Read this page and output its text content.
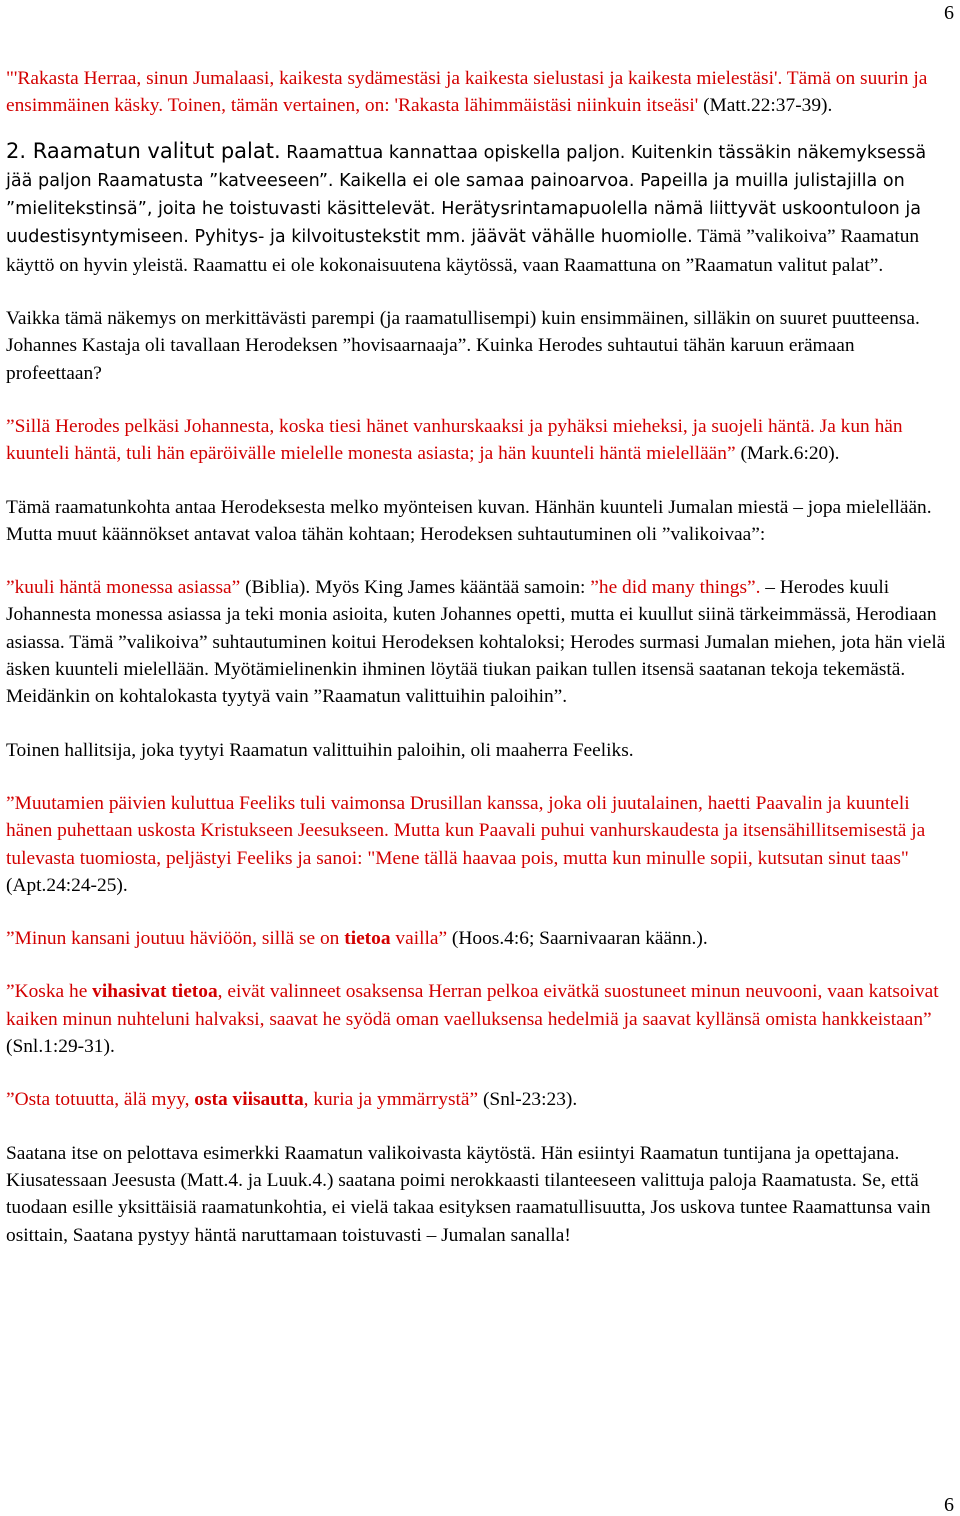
6

"'Rakasta Herraa, sinun Jumalaasi, kaikesta sydämestäsi ja kaikesta sielustasi ja kaikesta mielestäsi'. Tämä on suurin ja ensimmäinen käsky. Toinen, tämän vertainen, on: 'Rakasta lähimmäistäsi niinkuin itseäsi' (Matt.22:37-39).

2. Raamatun valitut palat. Raamattua kannattaa opiskella paljon. Kuitenkin tässäkin näkemyksessä jää paljon Raamatusta ”katveeseen”. Kaikella ei ole samaa painoarvoa. Papeilla ja muilla julistajilla on ”mielitekstinsä”, joita he toistuvasti käsittelevät. Herätysrintamapuolella nämä liittyvät uskoontuloon ja uudestisyntymiseen. Pyhitys- ja kilvoitustekstit mm. jäävät vähälle huomiolle. Tämä ”valikoiva” Raamatun käyttö on hyvin yleistä. Raamattu ei ole kokonaisuutena käytössä, vaan Raamattuna on ”Raamatun valitut palat”.

Vaikka tämä näkemys on merkittävästi parempi (ja raamatullisempi) kuin ensimmäinen, silläkin on suuret puutteensa. Johannes Kastaja oli tavallaan Herodeksen ”hovisaarnaaja”. Kuinka Herodes suhtautui tähän karuun erämaan profeettaan?

”Sillä Herodes pelkäsi Johannesta, koska tiesi hänet vanhurskaaksi ja pyhäksi mieheksi, ja suojeli häntä. Ja kun hän kuunteli häntä, tuli hän epäröivälle mielelle monesta asiasta; ja hän kuunteli häntä mielellään” (Mark.6:20).

Tämä raamatunkohta antaa Herodeksesta melko myönteisen kuvan. Hänhän kuunteli Jumalan miestä – jopa mielellään. Mutta muut käännökset antavat valoa tähän kohtaan; Herodeksen suhtautuminen oli ”valikoivaa”:

”kuuli häntä monessa asiassa” (Biblia). Myös King James kääntää samoin: ”he did many things”. – Herodes kuuli Johannesta monessa asiassa ja teki monia asioita, kuten Johannes opetti, mutta ei kuullut siinä tärkeimmässä, Herodiaan asiassa. Tämä ”valikoiva” suhtautuminen koitui Herodeksen kohtaloksi; Herodes surmasi Jumalan miehen, jota hän vielä äsken kuunteli mielellään. Myötämielinenkin ihminen löytää tiukan paikan tullen itsensä saatanan tekoja tekemästä. Meidänkin on kohtalokasta tyytyä vain ”Raamatun valittuihin paloihin”.

Toinen hallitsija, joka tyytyi Raamatun valittuihin paloihin, oli maaherra Feeliks.

”Muutamien päivien kuluttua Feeliks tuli vaimonsa Drusillan kanssa, joka oli juutalainen, haetti Paavalin ja kuunteli hänen puhettaan uskosta Kristukseen Jeesukseen. Mutta kun Paavali puhui vanhurskaudesta ja itsensähillitsemisestä ja tulevasta tuomiosta, peljästyi Feeliks ja sanoi: "Mene tällä haavaa pois, mutta kun minulle sopii, kutsutan sinut taas" (Apt.24:24-25).

”Minun kansani joutuu häviöön, sillä se on tietoa vailla” (Hoos.4:6; Saarnivaaran käänn.).

”Koska he vihasivat tietoa, eivät valinneet osaksensa Herran pelkoa eivätkä suostuneet minun neuvooni, vaan katsoivat kaiken minun nuhteluni halvaksi, saavat he syödä oman vaelluksensa hedelmiä ja saavat kyllänsä omista hankkeistaan” (Snl.1:29-31).

”Osta totuutta, älä myy, osta viisautta, kuria ja ymmärrystä” (Snl-23:23).

Saatana itse on pelottava esimerkki Raamatun valikoivasta käytöstä. Hän esiintyi Raamatun tuntijana ja opettajana. Kiusatessaan Jeesusta (Matt.4. ja Luuk.4.) saatana poimi nerokkaasti tilanteeseen valittuja paloja Raamatusta. Se, että tuodaan esille yksittäisiä raamatunkohtia, ei vielä takaa esityksen raamatullisuutta, Jos uskova tuntee Raamattunsa vain osittain, Saatana pystyy häntä naruttamaan toistuvasti – Jumalan sanalla!

6
